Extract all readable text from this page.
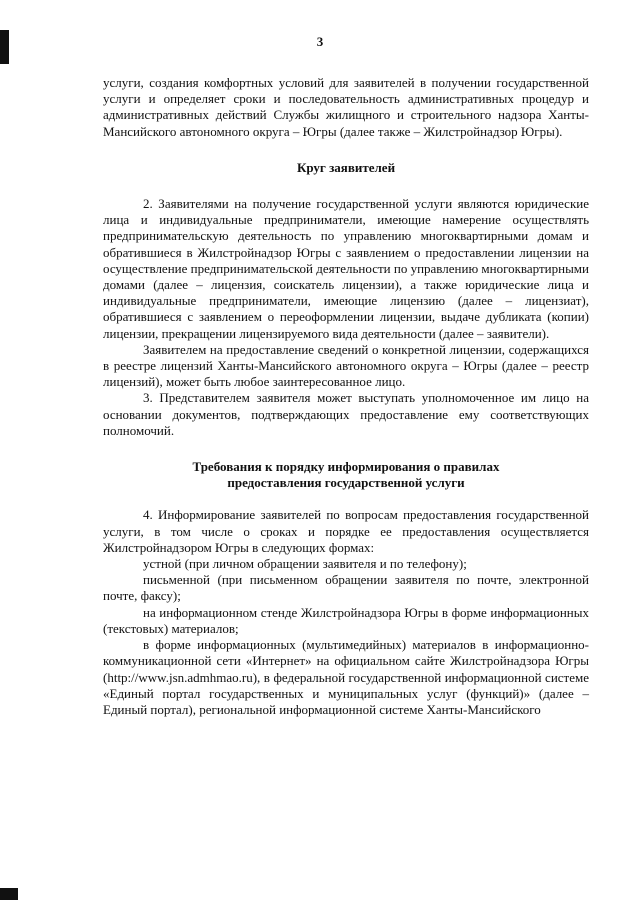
3

услуги, создания комфортных условий для заявителей в получении государственной услуги и определяет сроки и последовательность административных процедур и административных действий Службы жилищного и строительного надзора Ханты-Мансийского автономного округа – Югры (далее также – Жилстройнадзор Югры).

Круг заявителей

2. Заявителями на получение государственной услуги являются юридические лица и индивидуальные предприниматели, имеющие намерение осуществлять предпринимательскую деятельность по управлению многоквартирными домам и обратившиеся в Жилстройнадзор Югры с заявлением о предоставлении лицензии на осуществление предпринимательской деятельности по управлению многоквартирными домами (далее – лицензия, соискатель лицензии), а также юридические лица и индивидуальные предприниматели, имеющие лицензию (далее – лицензиат), обратившиеся с заявлением о переоформлении лицензии, выдаче дубликата (копии) лицензии, прекращении лицензируемого вида деятельности (далее – заявители).

Заявителем на предоставление сведений о конкретной лицензии, содержащихся в реестре лицензий Ханты-Мансийского автономного округа – Югры (далее – реестр лицензий), может быть любое заинтересованное лицо.

3. Представителем заявителя может выступать уполномоченное им лицо на основании документов, подтверждающих предоставление ему соответствующих полномочий.

Требования к порядку информирования о правилах

предоставления государственной услуги

4. Информирование заявителей по вопросам предоставления государственной услуги, в том числе о сроках и порядке ее предоставления осуществляется Жилстройнадзором Югры в следующих формах:

устной (при личном обращении заявителя и по телефону);

письменной (при письменном обращении заявителя по почте, электронной почте, факсу);

на информационном стенде Жилстройнадзора Югры в форме информационных (текстовых) материалов;

в форме информационных (мультимедийных) материалов в информационно-коммуникационной сети «Интернет» на официальном сайте Жилстройнадзора Югры (http://www.jsn.admhmao.ru), в федеральной государственной информационной системе «Единый портал государственных и муниципальных услуг (функций)» (далее – Единый портал), региональной информационной системе Ханты-Мансийского
